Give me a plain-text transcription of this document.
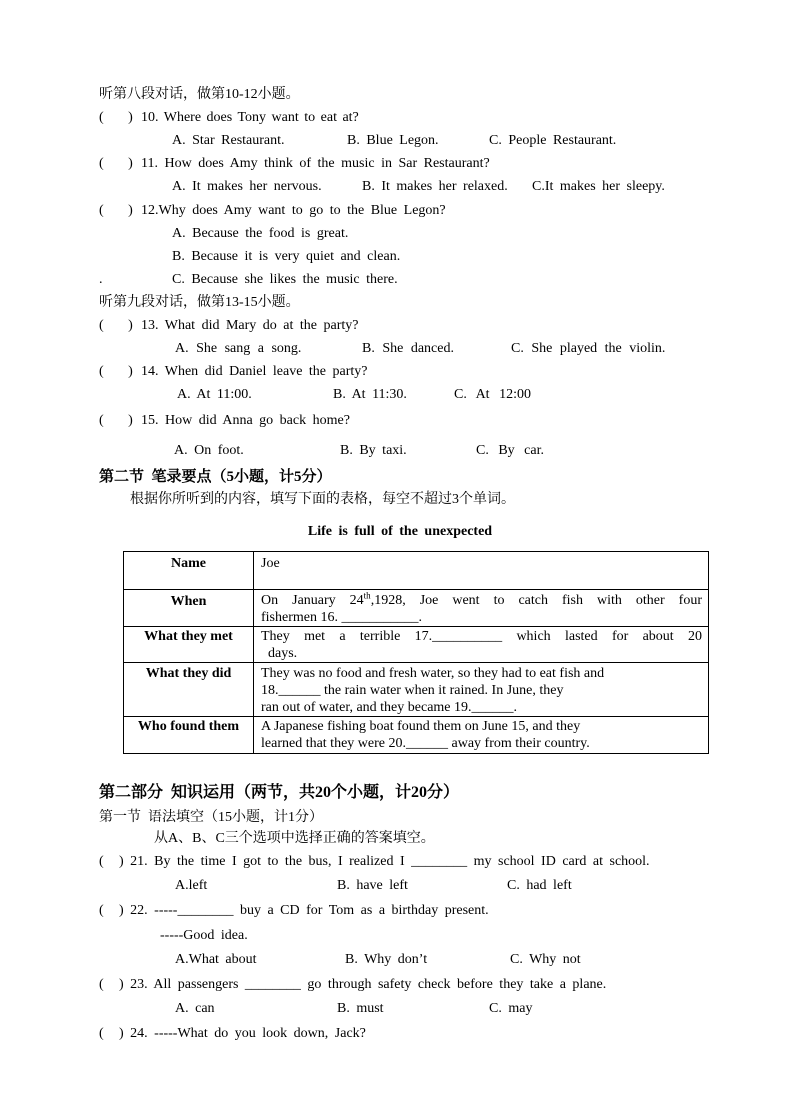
听第八段对话，做第10-12小题。
(       ) 10. Where does Tony want to eat at?
A. Star Restaurant.	B. Blue Legon.	C. People Restaurant.
(       ) 11. How does Amy think of the music in Sar Restaurant?
A. It makes her nervous.	B. It makes her relaxed. C.It makes her sleepy.
(       ) 12.Why does Amy want to go to the Blue Legon?
A. Because the food is great.
B. Because it is very quiet and clean.
.	C. Because she likes the music there.
听第九段对话，做第13-15小题。
(       ) 13. What did Mary do at the party?
A. She sang a song.	B. She danced.	C. She played the violin.
(       ) 14. When did Daniel leave the party?
A. At 11:00.	B. At 11:30.	C. At 12:00
(       ) 15. How did Anna go back home?
A. On foot.	B. By taxi.	C. By car.
第二节  笔录要点（5小题，计5分）
根据你所听到的内容，填写下面的表格，每空不超过3个单词。
Life is full of the unexpected
Name	Joe
When	On January 24th,1928, Joe went to catch fish with other four
fishermen 16. ___________.

What they met	They met a terrible 17.__________ which lasted for about 20
days.

What they did	They was no food and fresh water, so they had to eat fish and
18.______ the rain water when it rained. In June, they
ran out of water, and they became 19.______.

Who found them	A Japanese fishing boat found them on June 15, and they
learned that they were 20.______ away from their country.
第二部分  知识运用（两节，共20个小题，计20分）
第一节  语法填空（15小题，计1分）
从A、B、C三个选项中选择正确的答案填空。
( ) 21. By the time I got to the bus, I realized I ________ my school ID card at school.
A.left	B. have left	C. had left
( ) 22. -----________ buy a CD for Tom as a birthday present.
-----Good idea.
A.What about	B. Why don’t	C. Why not
( ) 23. All passengers ________ go through safety check before they take a plane.
A. can	B. must	C. may
( ) 24. -----What do you look down, Jack?
